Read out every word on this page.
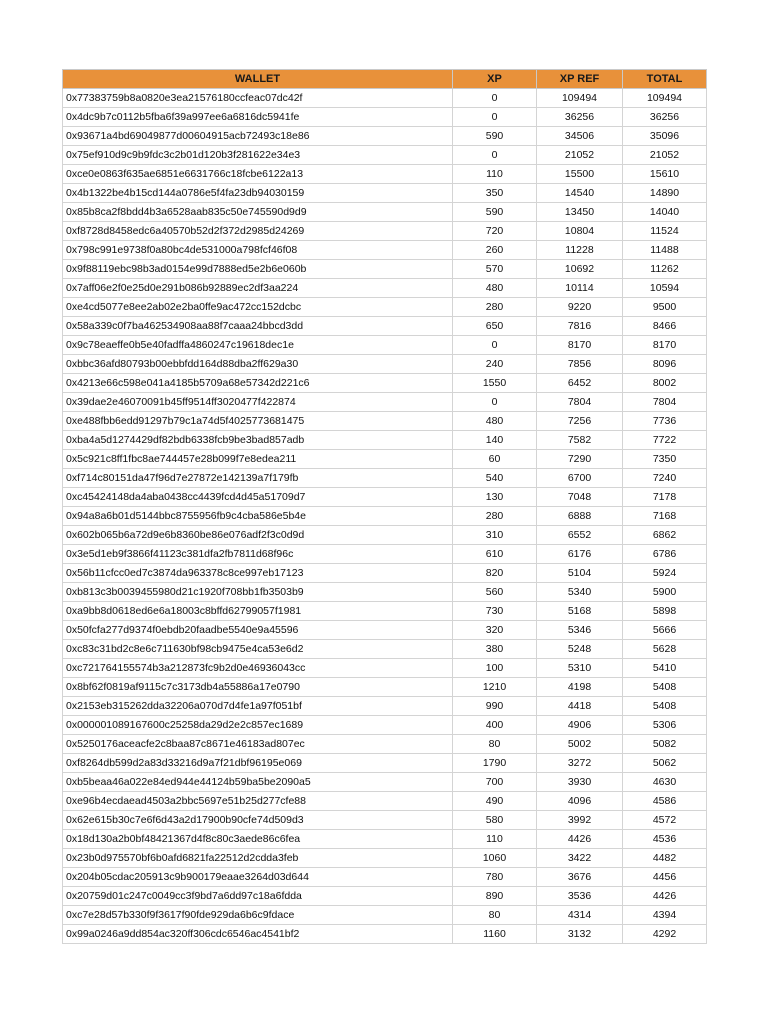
WALLET	XP	XP REF	TOTAL
0x77383759b8a0820e3ea21576180ccfeac07dc42f	0	109494	109494
0x4dc9b7c0112b5fba6f39a997ee6a6816dc5941fe	0	36256	36256
0x93671a4bd69049877d00604915acb72493c18e86	590	34506	35096
0x75ef910d9c9b9fdc3c2b01d120b3f281622e34e3	0	21052	21052
0xce0e0863f635ae6851e6631766c18fcbe6122a13	110	15500	15610
0x4b1322be4b15cd144a0786e5f4fa23db94030159	350	14540	14890
0x85b8ca2f8bdd4b3a6528aab835c50e745590d9d9	590	13450	14040
0xf8728d8458edc6a40570b52d2f372d2985d24269	720	10804	11524
0x798c991e9738f0a80bc4de531000a798fcf46f08	260	11228	11488
0x9f88119ebc98b3ad0154e99d7888ed5e2b6e060b	570	10692	11262
0x7aff06e2f0e25d0e291b086b92889ec2df3aa224	480	10114	10594
0xe4cd5077e8ee2ab02e2ba0ffe9ac472cc152dcbc	280	9220	9500
0x58a339c0f7ba462534908aa88f7caaa24bbcd3dd	650	7816	8466
0x9c78eaeffe0b5e40fadffa4860247c19618dec1e	0	8170	8170
0xbbc36afd80793b00ebbfdd164d88dba2ff629a30	240	7856	8096
0x4213e66c598e041a4185b5709a68e57342d221c6	1550	6452	8002
0x39dae2e46070091b45ff9514ff3020477f422874	0	7804	7804
0xe488fbb6edd91297b79c1a74d5f4025773681475	480	7256	7736
0xba4a5d1274429df82bdb6338fcb9be3bad857adb	140	7582	7722
0x5c921c8ff1fbc8ae744457e28b099f7e8edea211	60	7290	7350
0xf714c80151da47f96d7e27872e142139a7f179fb	540	6700	7240
0xc45424148da4aba0438cc4439fcd4d45a51709d7	130	7048	7178
0x94a8a6b01d5144bbc8755956fb9c4cba586e5b4e	280	6888	7168
0x602b065b6a72d9e6b8360be86e076adf2f3c0d9d	310	6552	6862
0x3e5d1eb9f3866f41123c381dfa2fb7811d68f96c	610	6176	6786
0x56b11cfcc0ed7c3874da963378c8ce997eb17123	820	5104	5924
0xb813c3b0039455980d21c1920f708bb1fb3503b9	560	5340	5900
0xa9bb8d0618ed6e6a18003c8bffd62799057f1981	730	5168	5898
0x50fcfa277d9374f0ebdb20faadbe5540e9a45596	320	5346	5666
0xc83c31bd2c8e6c711630bf98cb9475e4ca53e6d2	380	5248	5628
0xc721764155574b3a212873fc9b2d0e46936043cc	100	5310	5410
0x8bf62f0819af9115c7c3173db4a55886a17e0790	1210	4198	5408
0x2153eb315262dda32206a070d7d4fe1a97f051bf	990	4418	5408
0x000001089167600c25258da29d2e2c857ec1689	400	4906	5306
0x5250176aceacfe2c8baa87c8671e46183ad807ec	80	5002	5082
0xf8264db599d2a83d33216d9a7f21dbf96195e069	1790	3272	5062
0xb5beaa46a022e84ed944e44124b59ba5be2090a5	700	3930	4630
0xe96b4ecdaead4503a2bbc5697e51b25d277cfe88	490	4096	4586
0x62e615b30c7e6f6d43a2d17900b90cfe74d509d3	580	3992	4572
0x18d130a2b0bf48421367d4f8c80c3aede86c6fea	110	4426	4536
0x23b0d975570bf6b0afd6821fa22512d2cdda3feb	1060	3422	4482
0x204b05cdac205913c9b900179eaae3264d03d644	780	3676	4456
0x20759d01c247c0049cc3f9bd7a6dd97c18a6fdda	890	3536	4426
0xc7e28d57b330f9f3617f90fde929da6b6c9fdace	80	4314	4394
0x99a0246a9dd854ac320ff306cdc6546ac4541bf2	1160	3132	4292
